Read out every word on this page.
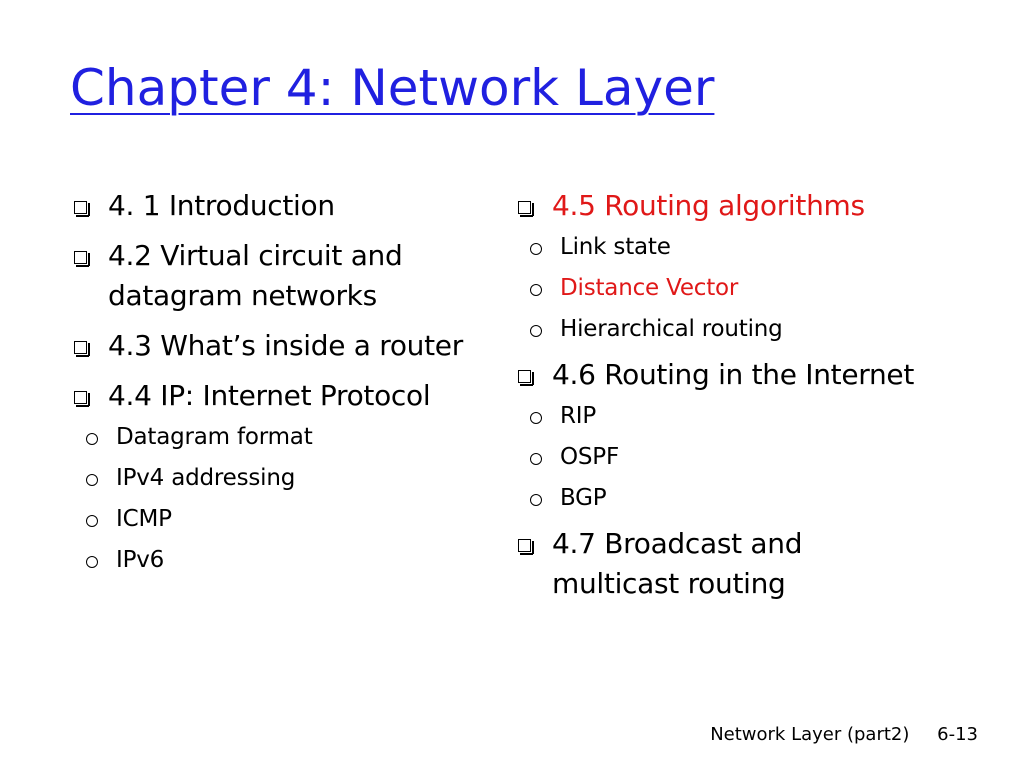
Chapter 4: Network Layer
4. 1 Introduction
4.2 Virtual circuit and datagram networks
4.3 What’s inside a router
4.4 IP: Internet Protocol
Datagram format
IPv4 addressing
ICMP
IPv6
4.5 Routing algorithms
Link state
Distance Vector
Hierarchical routing
4.6 Routing in the Internet
RIP
OSPF
BGP
4.7 Broadcast and multicast routing
Network Layer (part2) 6-13
